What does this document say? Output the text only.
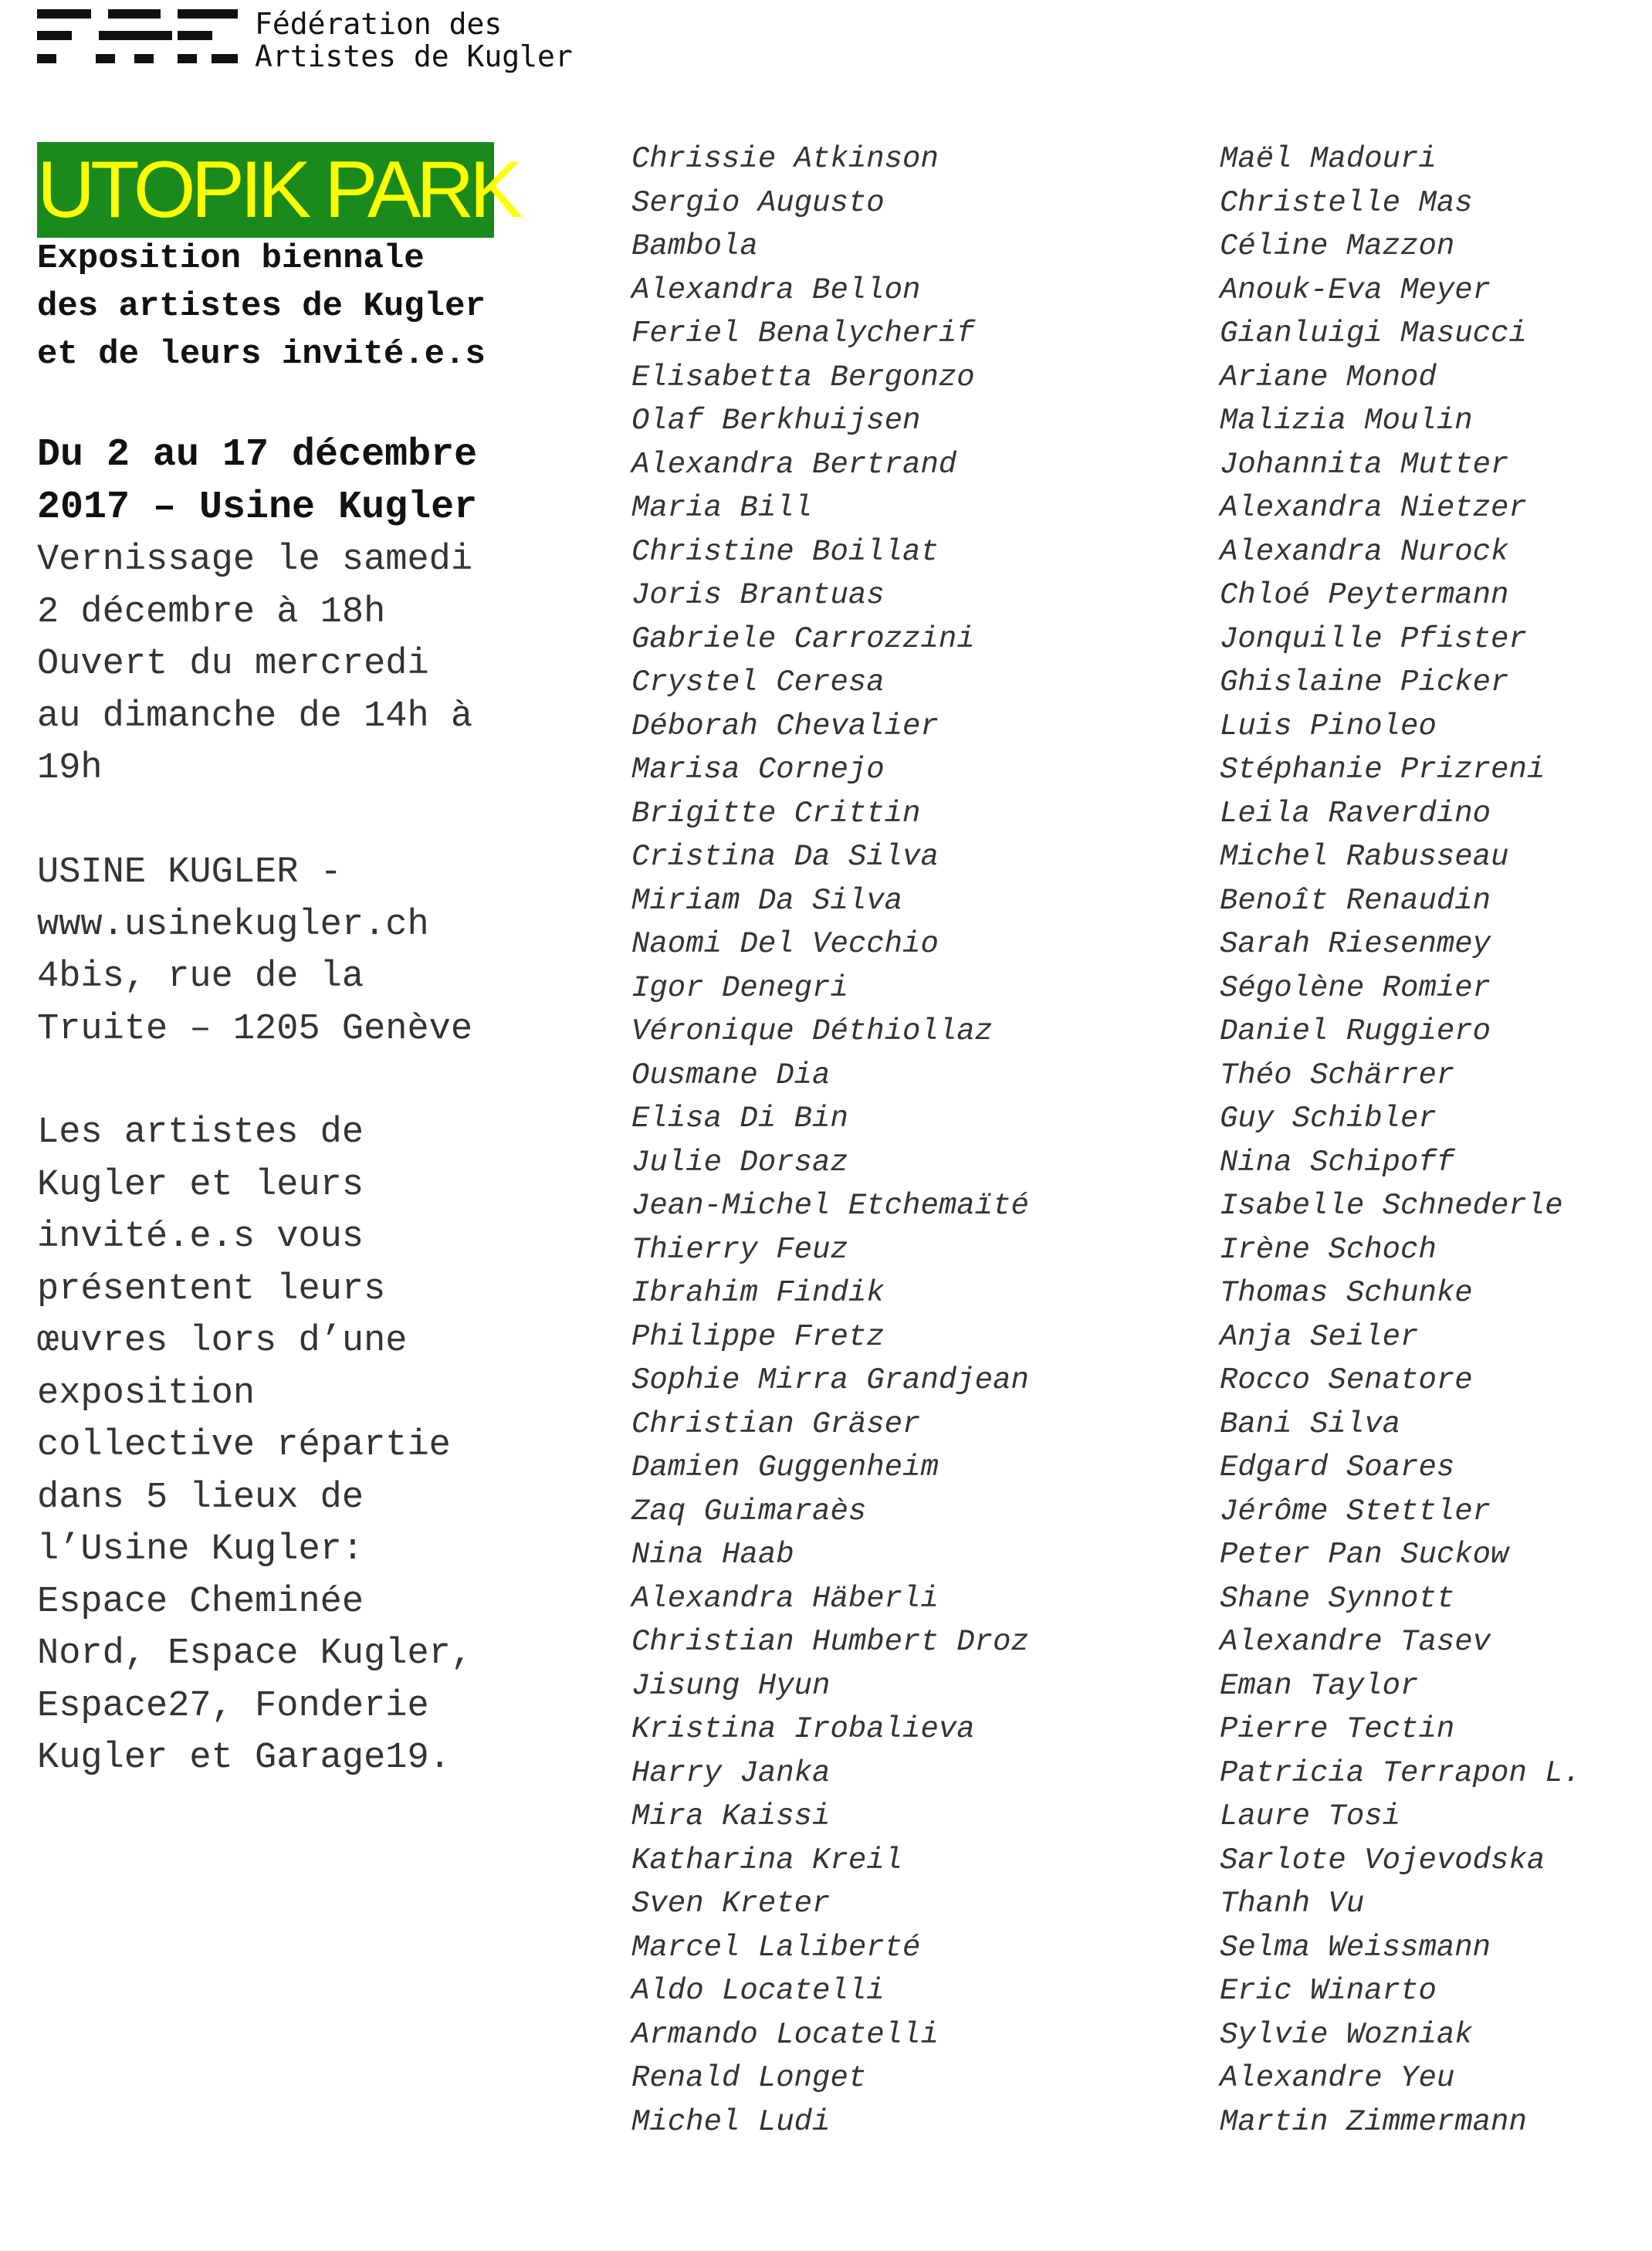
Fédération des
Artistes de Kugler
UTOPIK PARK
Exposition biennale
des artistes de Kugler
et de leurs invité.e.s
Du 2 au 17 décembre
2017 – Usine Kugler
Vernissage le samedi
2 décembre à 18h
Ouvert du mercredi
au dimanche de 14h à
19h
USINE KUGLER -
www.usinekugler.ch
4bis, rue de la
Truite – 1205 Genève
Les artistes de
Kugler et leurs
invité.e.s vous
présentent leurs
œuvres lors d’une
exposition
collective répartie
dans 5 lieux de
l’Usine Kugler:
Espace Cheminée
Nord, Espace Kugler,
Espace27, Fonderie
Kugler et Garage19.
Chrissie Atkinson
Sergio Augusto
Bambola
Alexandra Bellon
Feriel Benalycherif
Elisabetta Bergonzo
Olaf Berkhuijsen
Alexandra Bertrand
Maria Bill
Christine Boillat
Joris Brantuas
Gabriele Carrozzini
Crystel Ceresa
Déborah Chevalier
Marisa Cornejo
Brigitte Crittin
Cristina Da Silva
Miriam Da Silva
Naomi Del Vecchio
Igor Denegri
Véronique Déthiollaz
Ousmane Dia
Elisa Di Bin
Julie Dorsaz
Jean-Michel Etchemaïté
Thierry Feuz
Ibrahim Findik
Philippe Fretz
Sophie Mirra Grandjean
Christian Gräser
Damien Guggenheim
Zaq Guimaraès
Nina Haab
Alexandra Häberli
Christian Humbert Droz
Jisung Hyun
Kristina Irobalieva
Harry Janka
Mira Kaissi
Katharina Kreil
Sven Kreter
Marcel Laliberté
Aldo Locatelli
Armando Locatelli
Renald Longet
Michel Ludi
Maël Madouri
Christelle Mas
Céline Mazzon
Anouk-Eva Meyer
Gianluigi Masucci
Ariane Monod
Malizia Moulin
Johannita Mutter
Alexandra Nietzer
Alexandra Nurock
Chloé Peytermann
Jonquille Pfister
Ghislaine Picker
Luis Pinoleo
Stéphanie Prizreni
Leila Raverdino
Michel Rabusseau
Benoît Renaudin
Sarah Riesenmey
Ségolène Romier
Daniel Ruggiero
Théo Schärrer
Guy Schibler
Nina Schipoff
Isabelle Schnederle
Irène Schoch
Thomas Schunke
Anja Seiler
Rocco Senatore
Bani Silva
Edgard Soares
Jérôme Stettler
Peter Pan Suckow
Shane Synnott
Alexandre Tasev
Eman Taylor
Pierre Tectin
Patricia Terrapon L.
Laure Tosi
Sarlote Vojevodska
Thanh Vu
Selma Weissmann
Eric Winarto
Sylvie Wozniak
Alexandre Yeu
Martin Zimmermann
